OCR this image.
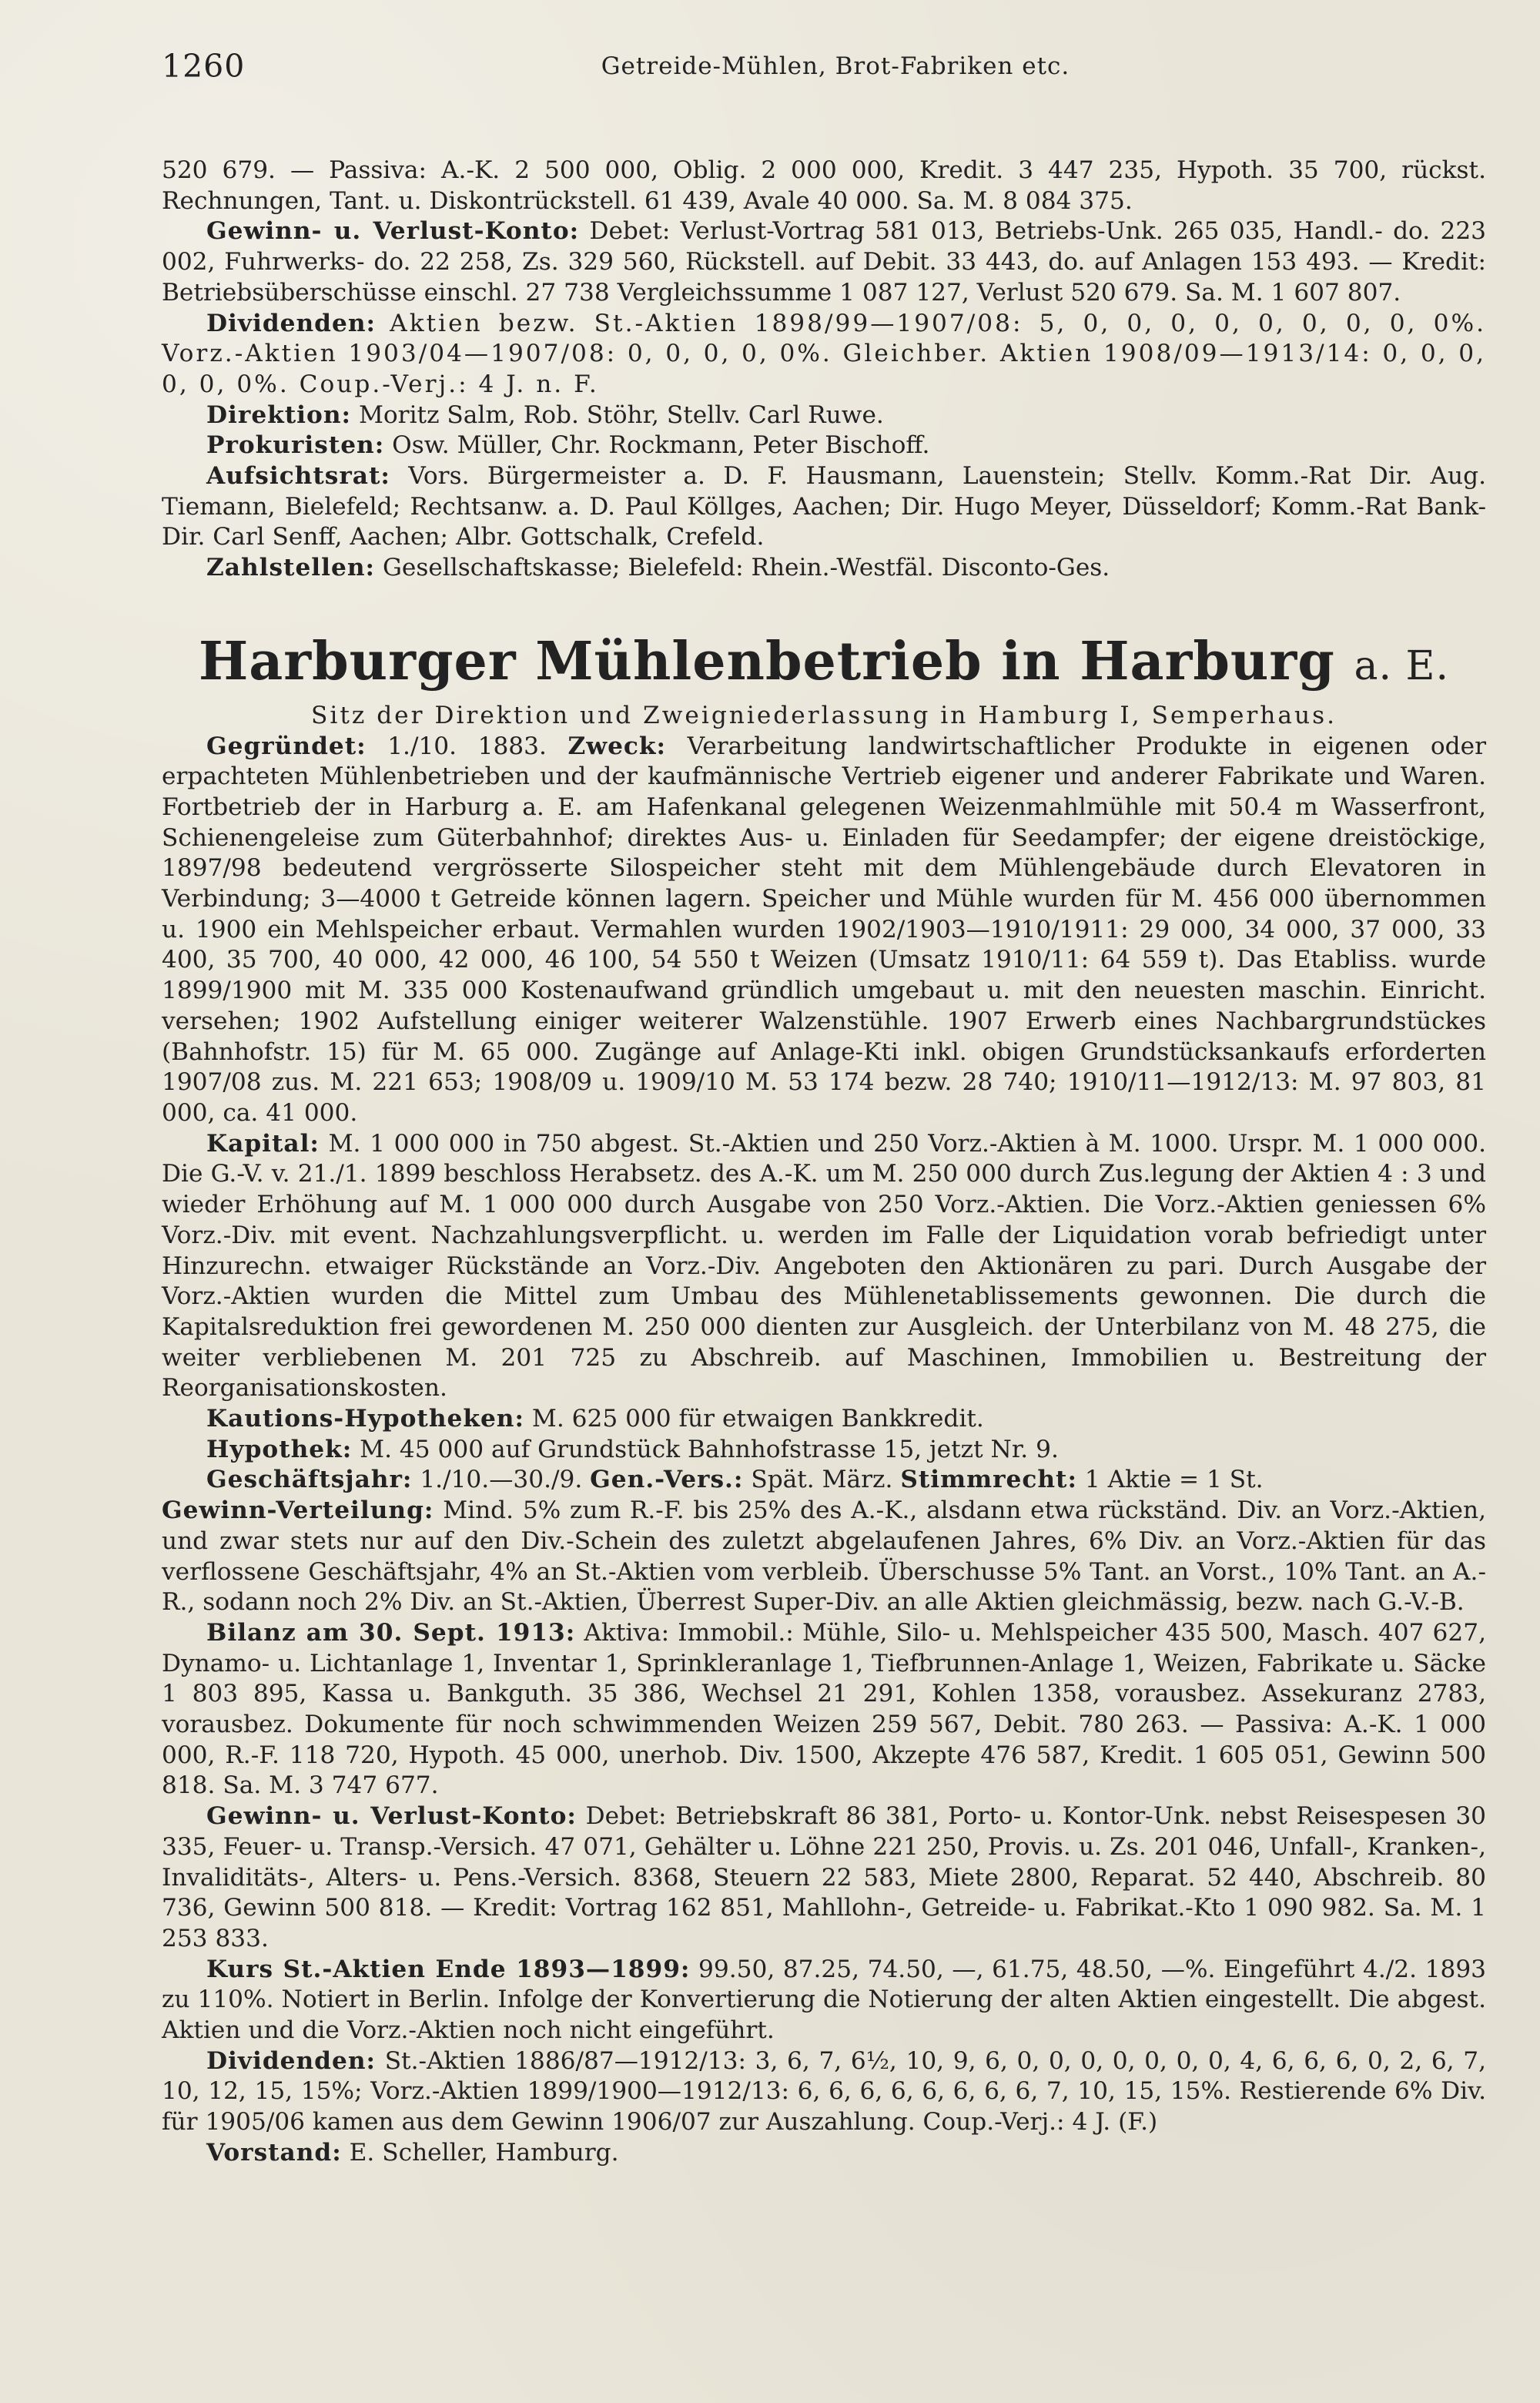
1260	Getreide-Mühlen, Brot-Fabriken etc.

520 679. — Passiva: A.-K. 2 500 000, Oblig. 2 000 000, Kredit. 3 447 235, Hypoth. 35 700, rückst. Rechnungen, Tant. u. Diskontrückstell. 61 439, Avale 40 000. Sa. M. 8 084 375.

Gewinn- u. Verlust-Konto: Debet: Verlust-Vortrag 581 013, Betriebs-Unk. 265 035, Handl.- do. 223 002, Fuhrwerks- do. 22 258, Zs. 329 560, Rückstell. auf Debit. 33 443, do. auf Anlagen 153 493. — Kredit: Betriebsüberschüsse einschl. 27 738 Vergleichssumme 1 087 127, Verlust 520 679. Sa. M. 1 607 807.

Dividenden: Aktien bezw. St.-Aktien 1898/99—1907/08: 5, 0, 0, 0, 0, 0, 0, 0, 0, 0%. Vorz.-Aktien 1903/04—1907/08: 0, 0, 0, 0, 0%. Gleichber. Aktien 1908/09—1913/14: 0, 0, 0, 0, 0, 0%. Coup.-Verj.: 4 J. n. F.

Direktion: Moritz Salm, Rob. Stöhr, Stellv. Carl Ruwe.

Prokuristen: Osw. Müller, Chr. Rockmann, Peter Bischoff.

Aufsichtsrat: Vors. Bürgermeister a. D. F. Hausmann, Lauenstein; Stellv. Komm.-Rat Dir. Aug. Tiemann, Bielefeld; Rechtsanw. a. D. Paul Köllges, Aachen; Dir. Hugo Meyer, Düsseldorf; Komm.-Rat Bank-Dir. Carl Senff, Aachen; Albr. Gottschalk, Crefeld.

Zahlstellen: Gesellschaftskasse; Bielefeld: Rhein.-Westfäl. Disconto-Ges.

Harburger Mühlenbetrieb in Harburg a. E.
Sitz der Direktion und Zweigniederlassung in Hamburg I, Semperhaus.

Gegründet: 1./10. 1883. Zweck: Verarbeitung landwirtschaftlicher Produkte in eigenen oder erpachteten Mühlenbetrieben und der kaufmännische Vertrieb eigener und anderer Fabrikate und Waren. Fortbetrieb der in Harburg a. E. am Hafenkanal gelegenen Weizenmahlmühle mit 50.4 m Wasserfront, Schienengeleise zum Güterbahnhof; direktes Aus- u. Einladen für Seedampfer; der eigene dreistöckige, 1897/98 bedeutend vergrösserte Silospeicher steht mit dem Mühlengebäude durch Elevatoren in Verbindung; 3—4000 t Getreide können lagern. Speicher und Mühle wurden für M. 456 000 übernommen u. 1900 ein Mehlspeicher erbaut. Vermahlen wurden 1902/1903—1910/1911: 29 000, 34 000, 37 000, 33 400, 35 700, 40 000, 42 000, 46 100, 54 550 t Weizen (Umsatz 1910/11: 64 559 t). Das Etabliss. wurde 1899/1900 mit M. 335 000 Kostenaufwand gründlich umgebaut u. mit den neuesten maschin. Einricht. versehen; 1902 Aufstellung einiger weiterer Walzenstühle. 1907 Erwerb eines Nachbargrundstückes (Bahnhofstr. 15) für M. 65 000. Zugänge auf Anlage-Kti inkl. obigen Grundstücksankaufs erforderten 1907/08 zus. M. 221 653; 1908/09 u. 1909/10 M. 53 174 bezw. 28 740; 1910/11—1912/13: M. 97 803, 81 000, ca. 41 000.

Kapital: M. 1 000 000 in 750 abgest. St.-Aktien und 250 Vorz.-Aktien à M. 1000. Urspr. M. 1 000 000. Die G.-V. v. 21./1. 1899 beschloss Herabsetz. des A.-K. um M. 250 000 durch Zus.legung der Aktien 4 : 3 und wieder Erhöhung auf M. 1 000 000 durch Ausgabe von 250 Vorz.-Aktien. Die Vorz.-Aktien geniessen 6% Vorz.-Div. mit event. Nachzahlungsverpflicht. u. werden im Falle der Liquidation vorab befriedigt unter Hinzurechn. etwaiger Rückstände an Vorz.-Div. Angeboten den Aktionären zu pari. Durch Ausgabe der Vorz.-Aktien wurden die Mittel zum Umbau des Mühlenetablissements gewonnen. Die durch die Kapitalsreduktion frei gewordenen M. 250 000 dienten zur Ausgleich. der Unterbilanz von M. 48 275, die weiter verbliebenen M. 201 725 zu Abschreib. auf Maschinen, Immobilien u. Bestreitung der Reorganisationskosten.

Kautions-Hypotheken: M. 625 000 für etwaigen Bankkredit.

Hypothek: M. 45 000 auf Grundstück Bahnhofstrasse 15, jetzt Nr. 9.

Geschäftsjahr: 1./10.—30./9. Gen.-Vers.: Spät. März. Stimmrecht: 1 Aktie = 1 St.

Gewinn-Verteilung: Mind. 5% zum R.-F. bis 25% des A.-K., alsdann etwa rückständ. Div. an Vorz.-Aktien, und zwar stets nur auf den Div.-Schein des zuletzt abgelaufenen Jahres, 6% Div. an Vorz.-Aktien für das verflossene Geschäftsjahr, 4% an St.-Aktien vom verbleib. Überschusse 5% Tant. an Vorst., 10% Tant. an A.-R., sodann noch 2% Div. an St.-Aktien, Überrest Super-Div. an alle Aktien gleichmässig, bezw. nach G.-V.-B.

Bilanz am 30. Sept. 1913: Aktiva: Immobil.: Mühle, Silo- u. Mehlspeicher 435 500, Masch. 407 627, Dynamo- u. Lichtanlage 1, Inventar 1, Sprinkleranlage 1, Tiefbrunnen-Anlage 1, Weizen, Fabrikate u. Säcke 1 803 895, Kassa u. Bankguth. 35 386, Wechsel 21 291, Kohlen 1358, vorausbez. Assekuranz 2783, vorausbez. Dokumente für noch schwimmenden Weizen 259 567, Debit. 780 263. — Passiva: A.-K. 1 000 000, R.-F. 118 720, Hypoth. 45 000, unerhob. Div. 1500, Akzepte 476 587, Kredit. 1 605 051, Gewinn 500 818. Sa. M. 3 747 677.

Gewinn- u. Verlust-Konto: Debet: Betriebskraft 86 381, Porto- u. Kontor-Unk. nebst Reisespesen 30 335, Feuer- u. Transp.-Versich. 47 071, Gehälter u. Löhne 221 250, Provis. u. Zs. 201 046, Unfall-, Kranken-, Invaliditäts-, Alters- u. Pens.-Versich. 8368, Steuern 22 583, Miete 2800, Reparat. 52 440, Abschreib. 80 736, Gewinn 500 818. — Kredit: Vortrag 162 851, Mahllohn-, Getreide- u. Fabrikat.-Kto 1 090 982. Sa. M. 1 253 833.

Kurs St.-Aktien Ende 1893—1899: 99.50, 87.25, 74.50, —, 61.75, 48.50, —%. Eingeführt 4./2. 1893 zu 110%. Notiert in Berlin. Infolge der Konvertierung die Notierung der alten Aktien eingestellt. Die abgest. Aktien und die Vorz.-Aktien noch nicht eingeführt.

Dividenden: St.-Aktien 1886/87—1912/13: 3, 6, 7, 6½, 10, 9, 6, 0, 0, 0, 0, 0, 0, 0, 4, 6, 6, 6, 0, 2, 6, 7, 10, 12, 15, 15%; Vorz.-Aktien 1899/1900—1912/13: 6, 6, 6, 6, 6, 6, 6, 6, 7, 10, 15, 15%. Restierende 6% Div. für 1905/06 kamen aus dem Gewinn 1906/07 zur Auszahlung. Coup.-Verj.: 4 J. (F.)

Vorstand: E. Scheller, Hamburg.
